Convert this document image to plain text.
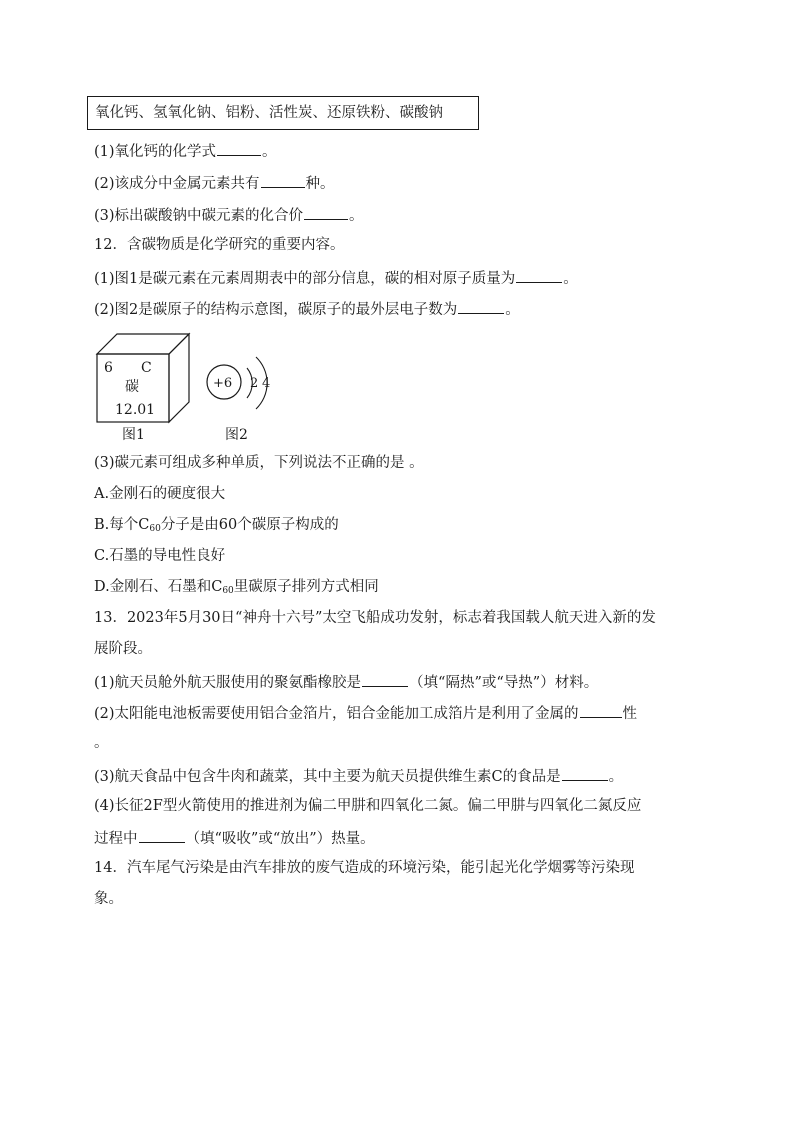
氧化钙、氢氧化钠、铝粉、活性炭、还原铁粉、碳酸钠
(1)氧化钙的化学式	。
(2)该成分中金属元素共有	种。
(3)标出碳酸钠中碳元素的化合价	。
12．含碳物质是化学研究的重要内容。
(1)图1是碳元素在元素周期表中的部分信息，碳的相对原子质量为	。
(2)图2是碳原子的结构示意图，碳原子的最外层电子数为	。
6 C
碳
12.01
图1
+6 2 4
图2
(3)碳元素可组成多种单质，下列说法不正确的是 。
A.金刚石的硬度很大
B.每个$C_{60}$分子是由60个碳原子构成的
C.石墨的导电性良好
D.金刚石、石墨和$C_{60}$里碳原子排列方式相同
13．2023年5月30日“神舟十六号”太空飞船成功发射，标志着我国载人航天进入新的发
展阶段。
(1)航天员舱外航天服使用的聚氨酯橡胶是	（填“隔热”或“导热”）材料。
(2)太阳能电池板需要使用铝合金箔片，铝合金能加工成箔片是利用了金属的	性
。
(3)航天食品中包含牛肉和蔬菜，其中主要为航天员提供维生素C的食品是	。
(4)长征2F型火箭使用的推进剂为偏二甲肼和四氧化二氮。偏二甲肼与四氧化二氮反应
过程中	（填“吸收”或“放出”）热量。
14．汽车尾气污染是由汽车排放的废气造成的环境污染，能引起光化学烟雾等污染现
象。
